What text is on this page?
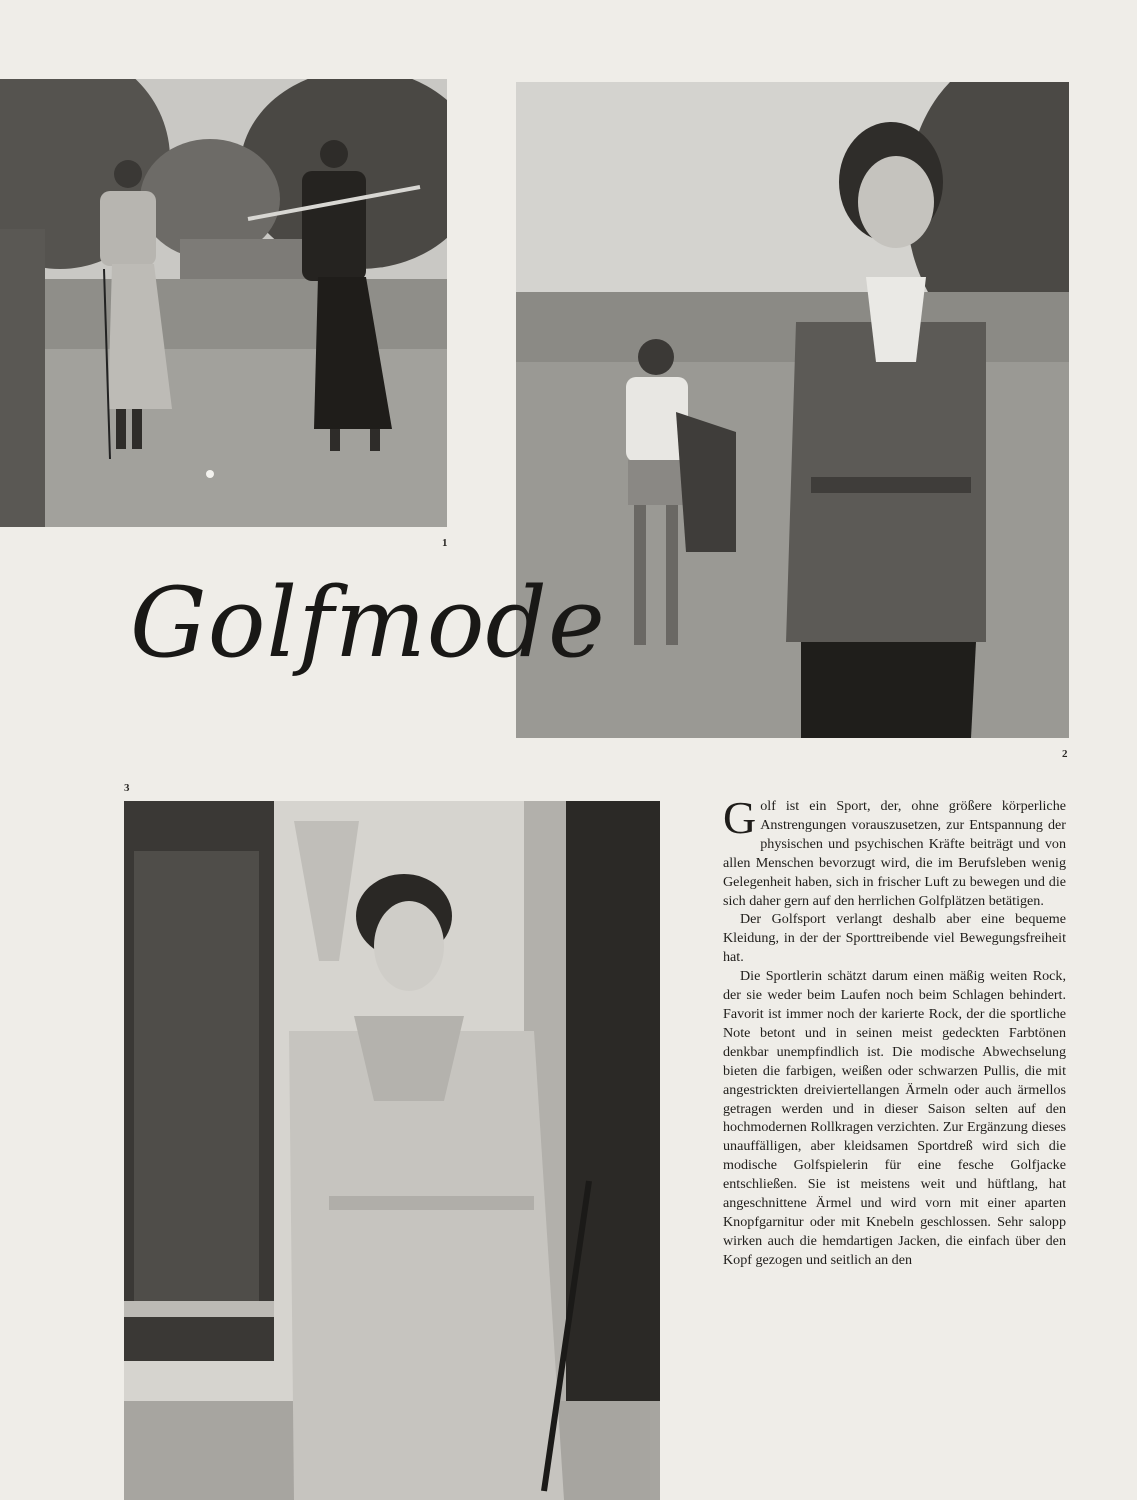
1
2
Golfmode
3

Golf ist ein Sport, der, ohne größere körperliche Anstrengungen vorauszusetzen, zur Entspannung der physischen und psychischen Kräfte beiträgt und von allen Menschen bevorzugt wird, die im Berufsleben wenig Gelegenheit haben, sich in frischer Luft zu bewegen und die sich daher gern auf den herrlichen Golfplätzen betätigen.

Der Golfsport verlangt deshalb aber eine bequeme Kleidung, in der der Sporttreibende viel Bewegungsfreiheit hat.

Die Sportlerin schätzt darum einen mäßig weiten Rock, der sie weder beim Laufen noch beim Schlagen behindert. Favorit ist immer noch der karierte Rock, der die sportliche Note betont und in seinen meist gedeckten Farbtönen denkbar unempfindlich ist. Die modische Abwechselung bieten die farbigen, weißen oder schwarzen Pullis, die mit angestrickten dreiviertellangen Ärmeln oder auch ärmellos getragen werden und in dieser Saison selten auf den hochmodernen Rollkragen verzichten. Zur Ergänzung dieses unauffälligen, aber kleidsamen Sportdreß wird sich die modische Golfspielerin für eine fesche Golfjacke entschließen. Sie ist meistens weit und hüftlang, hat angeschnittene Ärmel und wird vorn mit einer aparten Knopfgarnitur oder mit Knebeln geschlossen. Sehr salopp wirken auch die hemdartigen Jacken, die einfach über den Kopf gezogen und seitlich an den
